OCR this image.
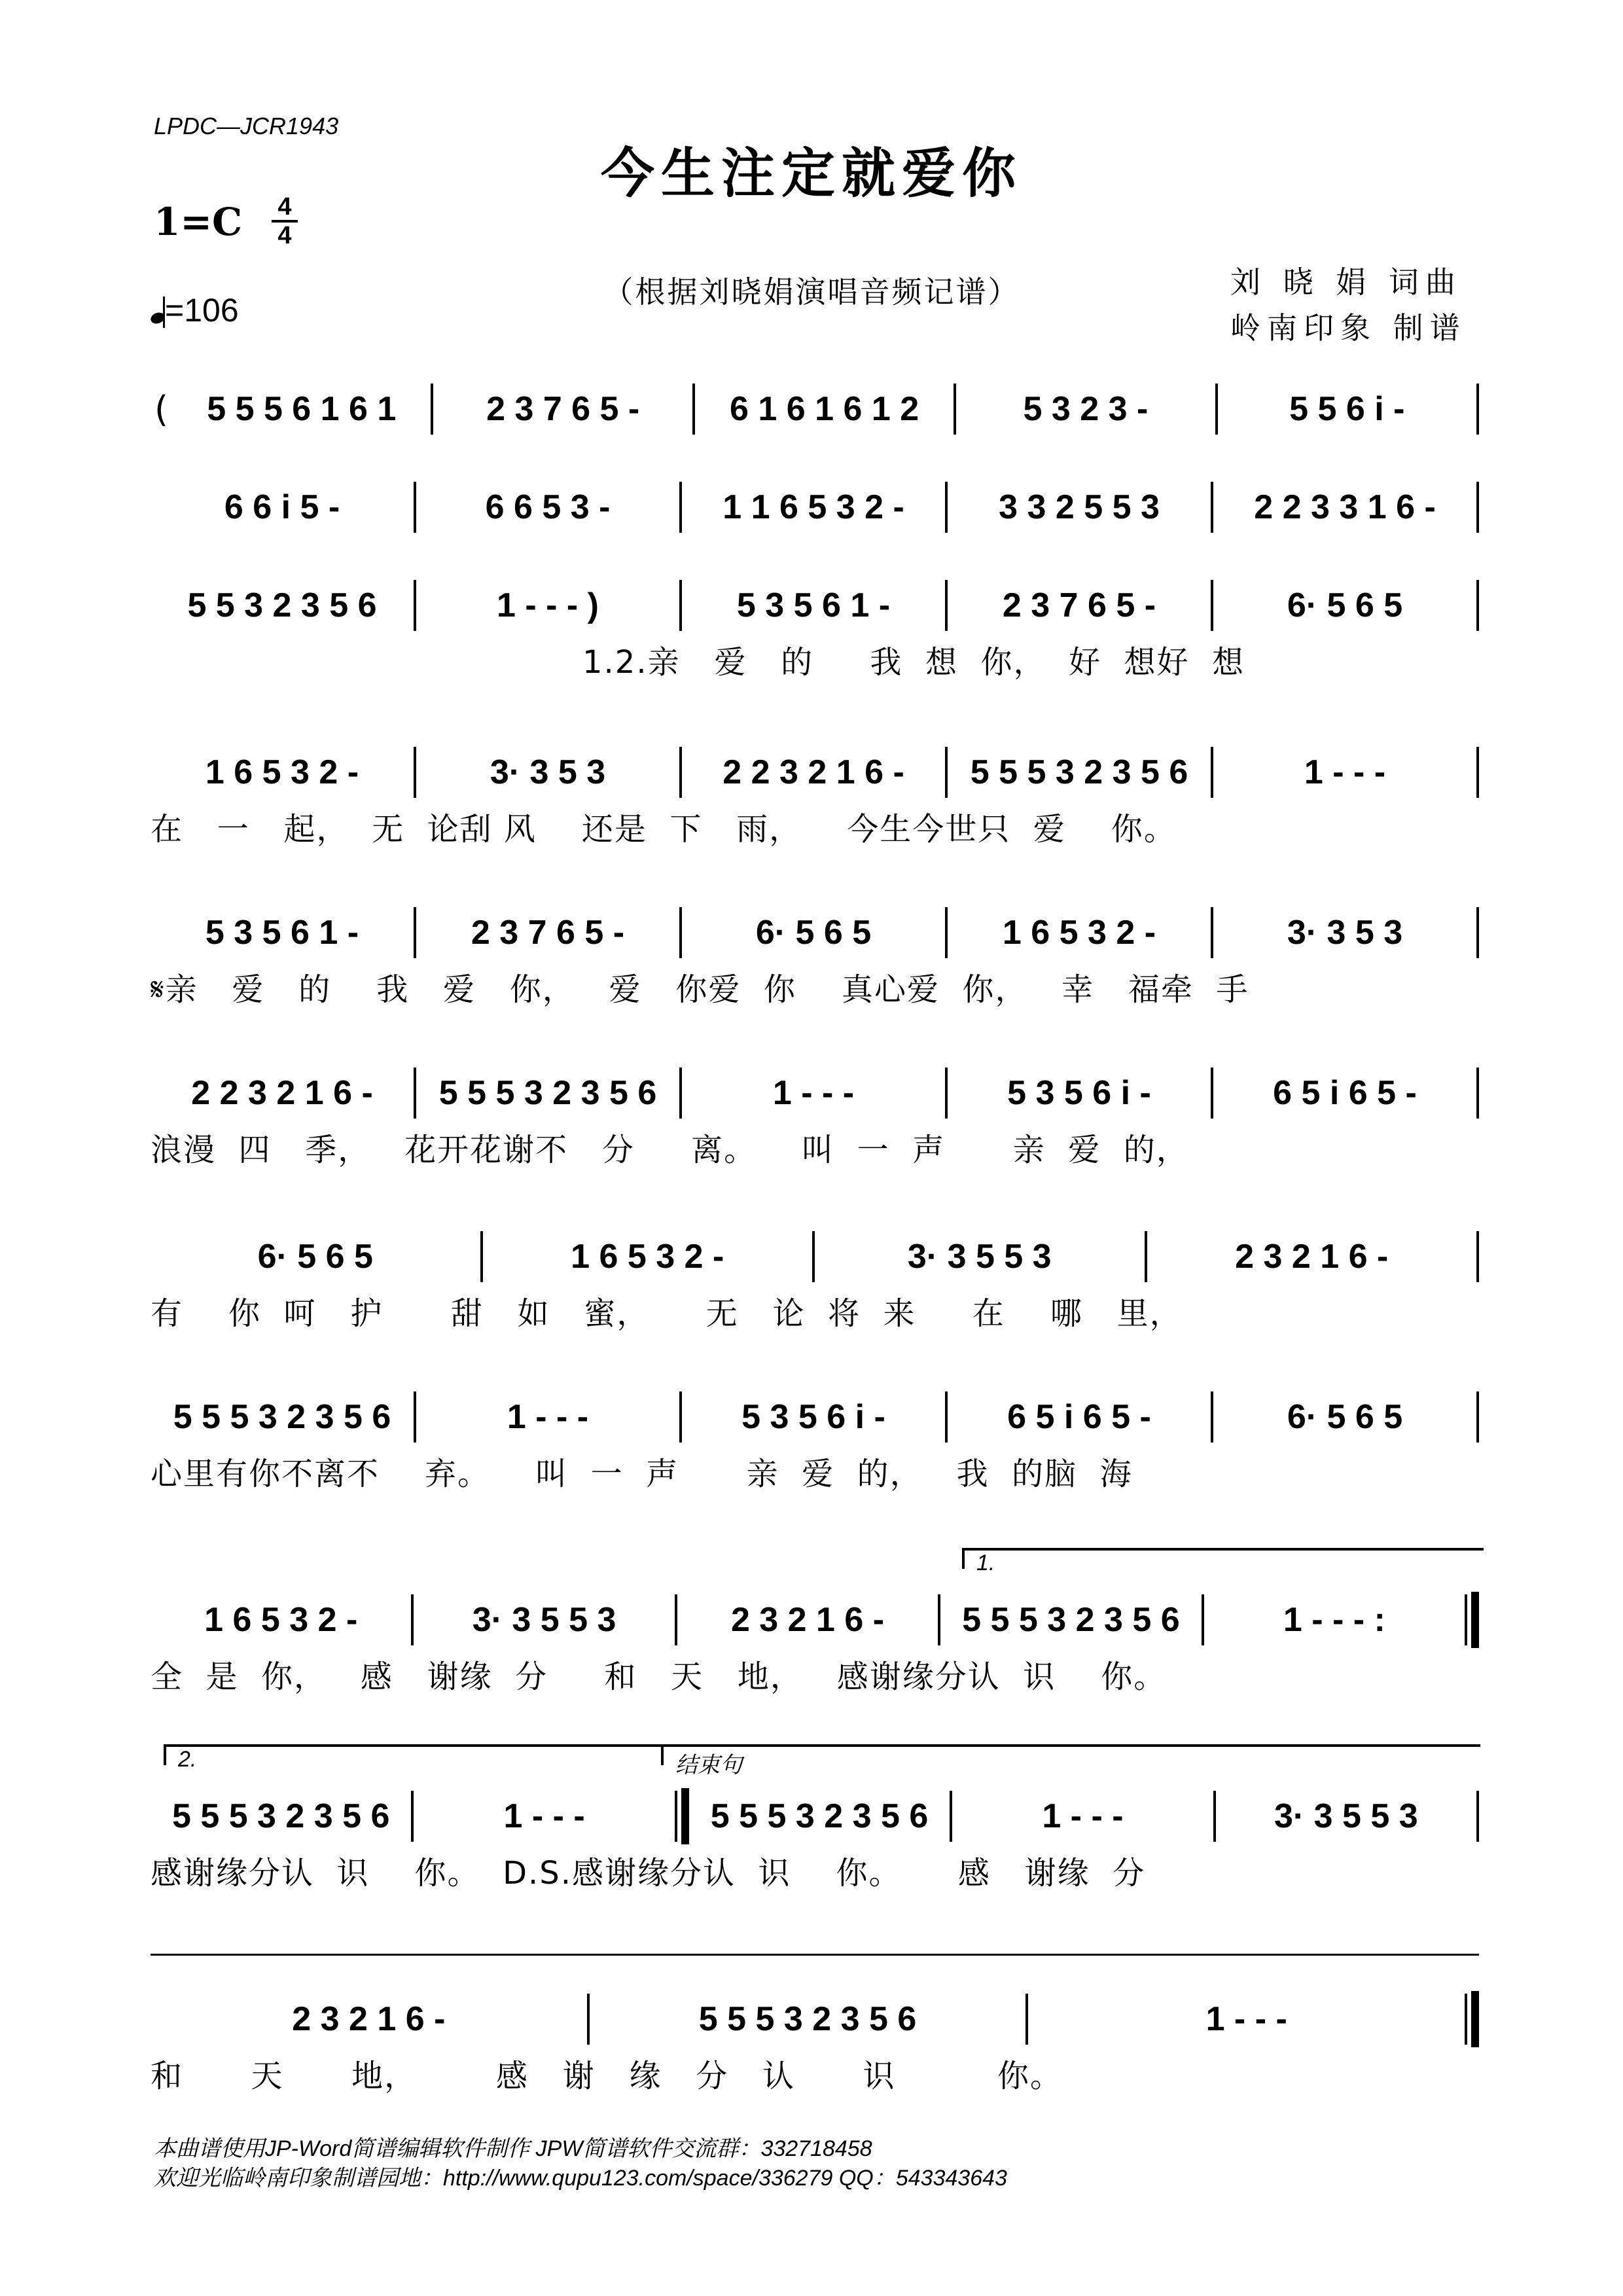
LPDC—JCR1943
今生注定就爱你
$1=C \frac{4}{4}$
（根据刘晓娟演唱音频记谱）	刘 晓 娟 词曲
岭南印象 制谱
=106
(	5 5 5 6 1 6 1	2 3 7 6 5 -	6 1 6 1 6 1 2	5 3 2 3 -	5 5 6 i -
6 6 i 5 -	6 6 5 3 -	1 1 6 5 3 2 -	3 3 2 5 5 3	2 2 3 3 1 6 -
5 5 3 2 3 5 6	1 - - - )	5 3 5 6 1 -	2 3 7 6 5 -	6· 5 6 5
1.2.亲   爱   的     我  想  你，  好  想好  想
1 6 5 3 2 -	3· 3 5 3	2 2 3 2 1 6 -	5 5 5 3 2 3 5 6	1 - - -
在   一   起，  无  论刮 风    还是  下   雨，    今生今世只  爱    你。
5 3 5 6 1 -	2 3 7 6 5 -	6· 5 6 5	1 6 5 3 2 -	3· 3 5 3
𝄋亲   爱   的    我   爱   你，   爱   你爱  你    真心爱  你，   幸   福牵  手
2 2 3 2 1 6 -	5 5 5 3 2 3 5 6	1 - - -	5 3 5 6 i -	6 5 i 6 5 -
浪漫  四   季，   花开花谢不   分     离。    叫  一  声      亲  爱  的，
6· 5 6 5	1 6 5 3 2 -	3· 3 5 5 3	2 3 2 1 6 -
有    你  呵   护      甜   如   蜜，     无   论  将  来     在    哪   里，
5 5 5 3 2 3 5 6	1 - - -	5 3 5 6 i -	6 5 i 6 5 -	6· 5 6 5
心里有你不离不    弃。    叫  一  声      亲  爱  的，   我  的脑  海
1.
1 6 5 3 2 -	3· 3 5 5 3	2 3 2 1 6 -	5 5 5 3 2 3 5 6	1 - - - :
全  是  你，   感   谢缘  分     和   天   地，   感谢缘分认  识    你。
2.	结束句
5 5 5 3 2 3 5 6	1 - - -	5 5 5 3 2 3 5 6	1 - - -	3· 3 5 5 3
感谢缘分认  识    你。  D.S.感谢缘分认  识    你。     感   谢缘  分
2 3 2 1 6 -	5 5 5 3 2 3 5 6	1 - - -
和      天      地，       感   谢   缘   分   认      识         你。
本曲谱使用JP-Word简谱编辑软件制作 JPW简谱软件交流群：332718458
欢迎光临岭南印象制谱园地：http://www.qupu123.com/space/336279 QQ：543343643
